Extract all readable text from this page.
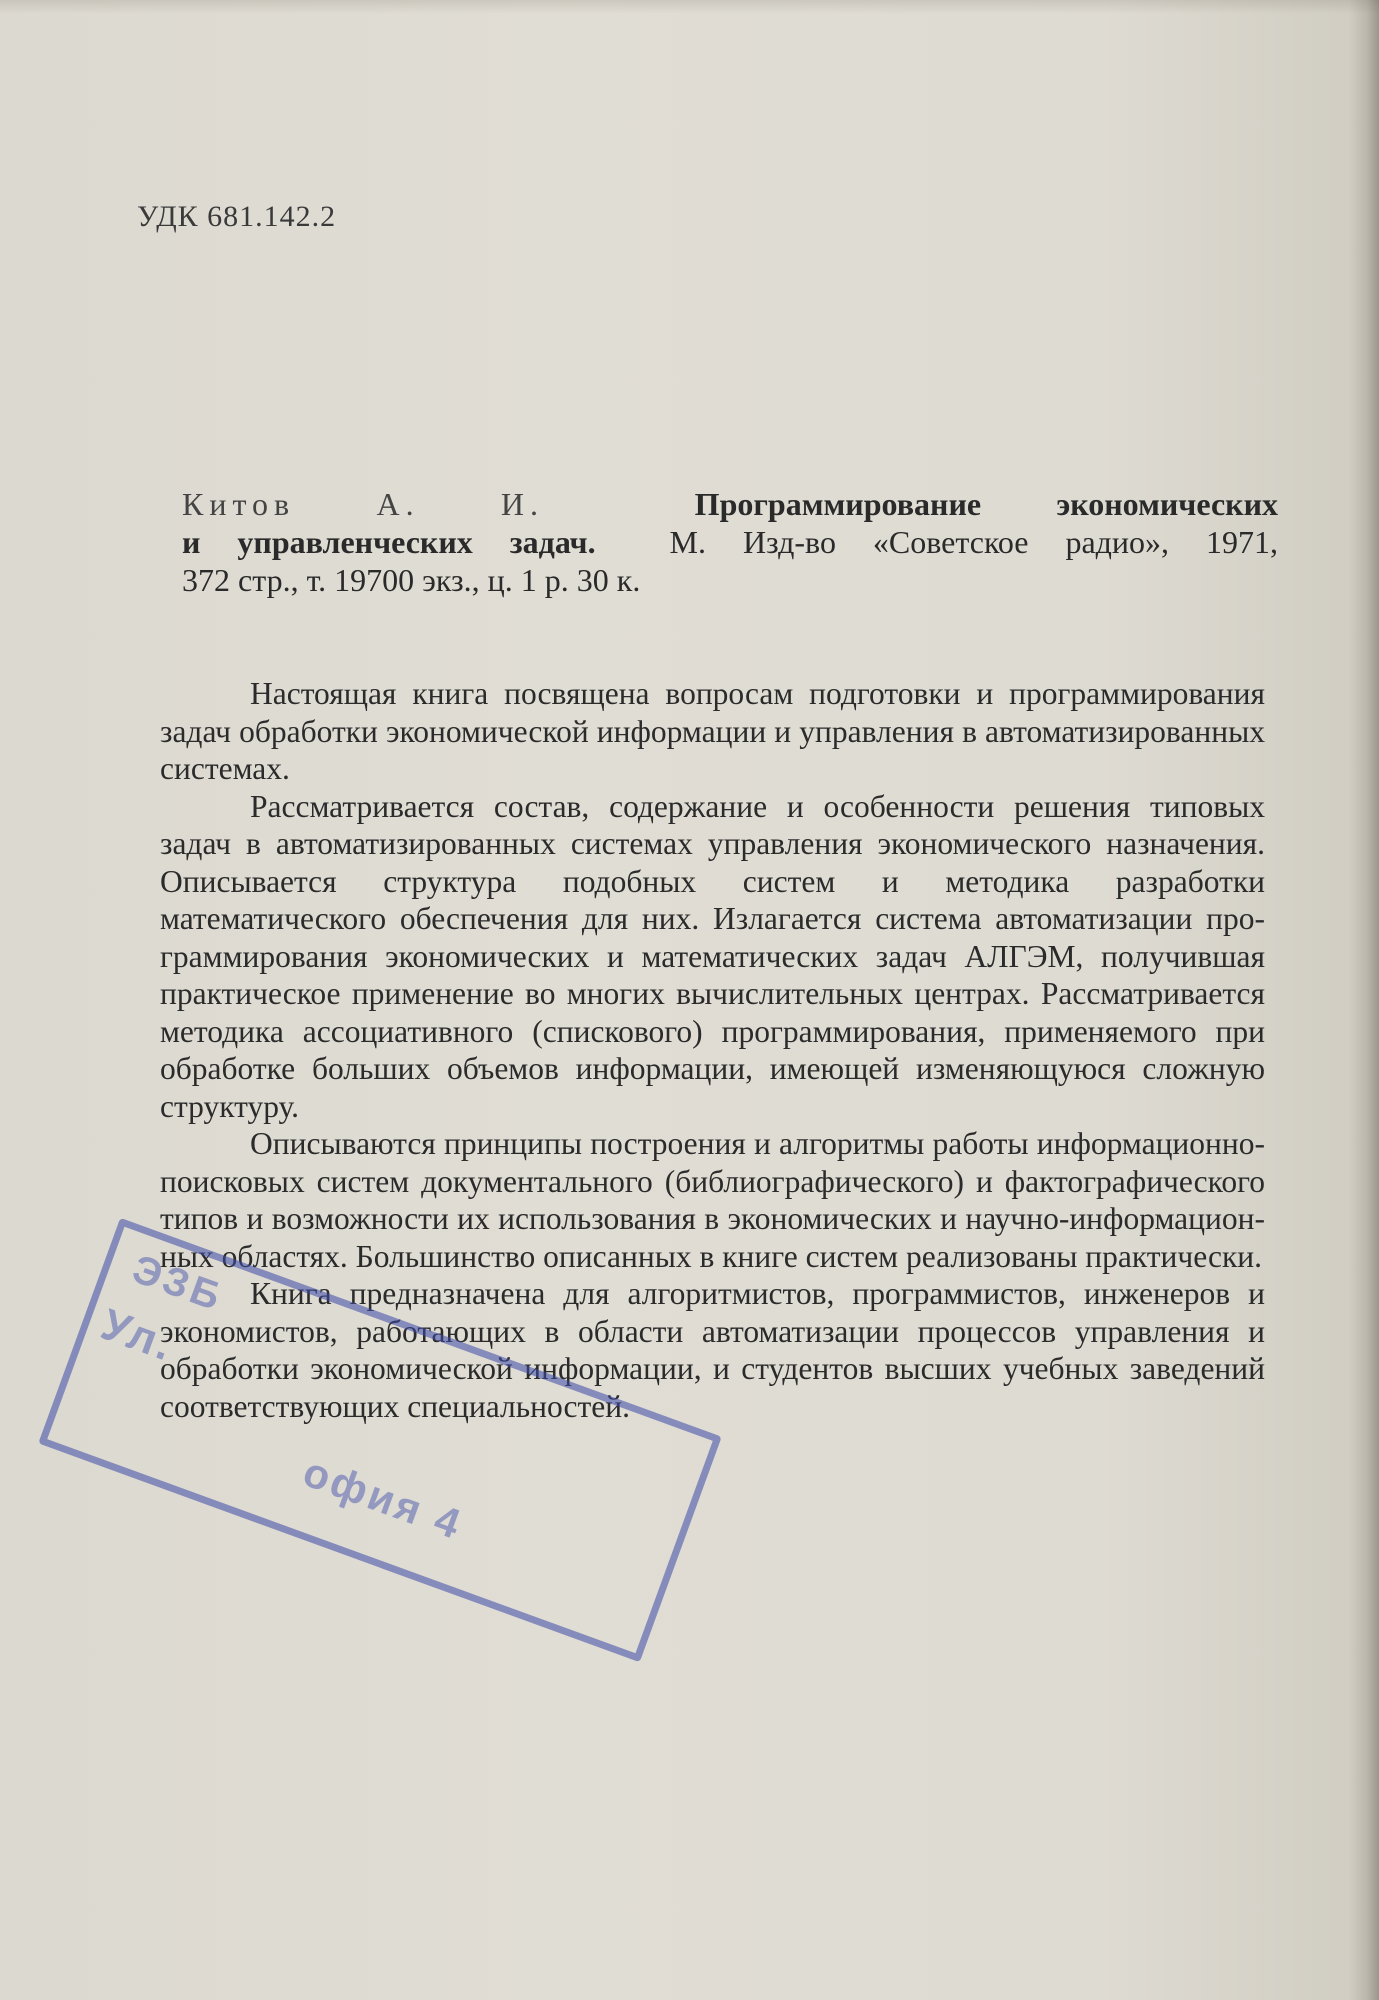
УДК 681.142.2
Китов А. И.	Программирование экономических
и управленческих задач. М. Изд-во «Советское радио», 1971,
372 стр., т. 19700 экз., ц. 1 р. 30 к.

Настоящая книга посвящена вопросам подготовки и программирования задач обработки экономической информации и управления в автоматизированных системах.

Рассматривается состав, содержание и особенности решения типовых задач в автоматизированных системах управления экономического назначения. Описывается структура подобных систем и методика разработки математического обеспечения для них. Излагается система автоматизации программирования экономических и математических задач АЛГЭМ, получившая практическое применение во многих вычислительных центрах. Рассматривается методика ассоциативного (спискового) программирования, применяемого при обработке больших объемов информации, имеющей изменяющуюся сложную структуру.

Описываются принципы построения и алгоритмы работы информационно-поисковых систем документального (библиографического) и фактографического типов и возможности их использования в экономических и научно-информационных областях. Большинство описанных в книге систем реализованы практически.

Книга предназначена для алгоритмистов, программистов, инженеров и экономистов, работающих в области автоматизации процессов управления и обработки экономической информации, и студентов высших учебных заведений соответствующих специальностей.

ЭЗБ
Ул.
офия 4
